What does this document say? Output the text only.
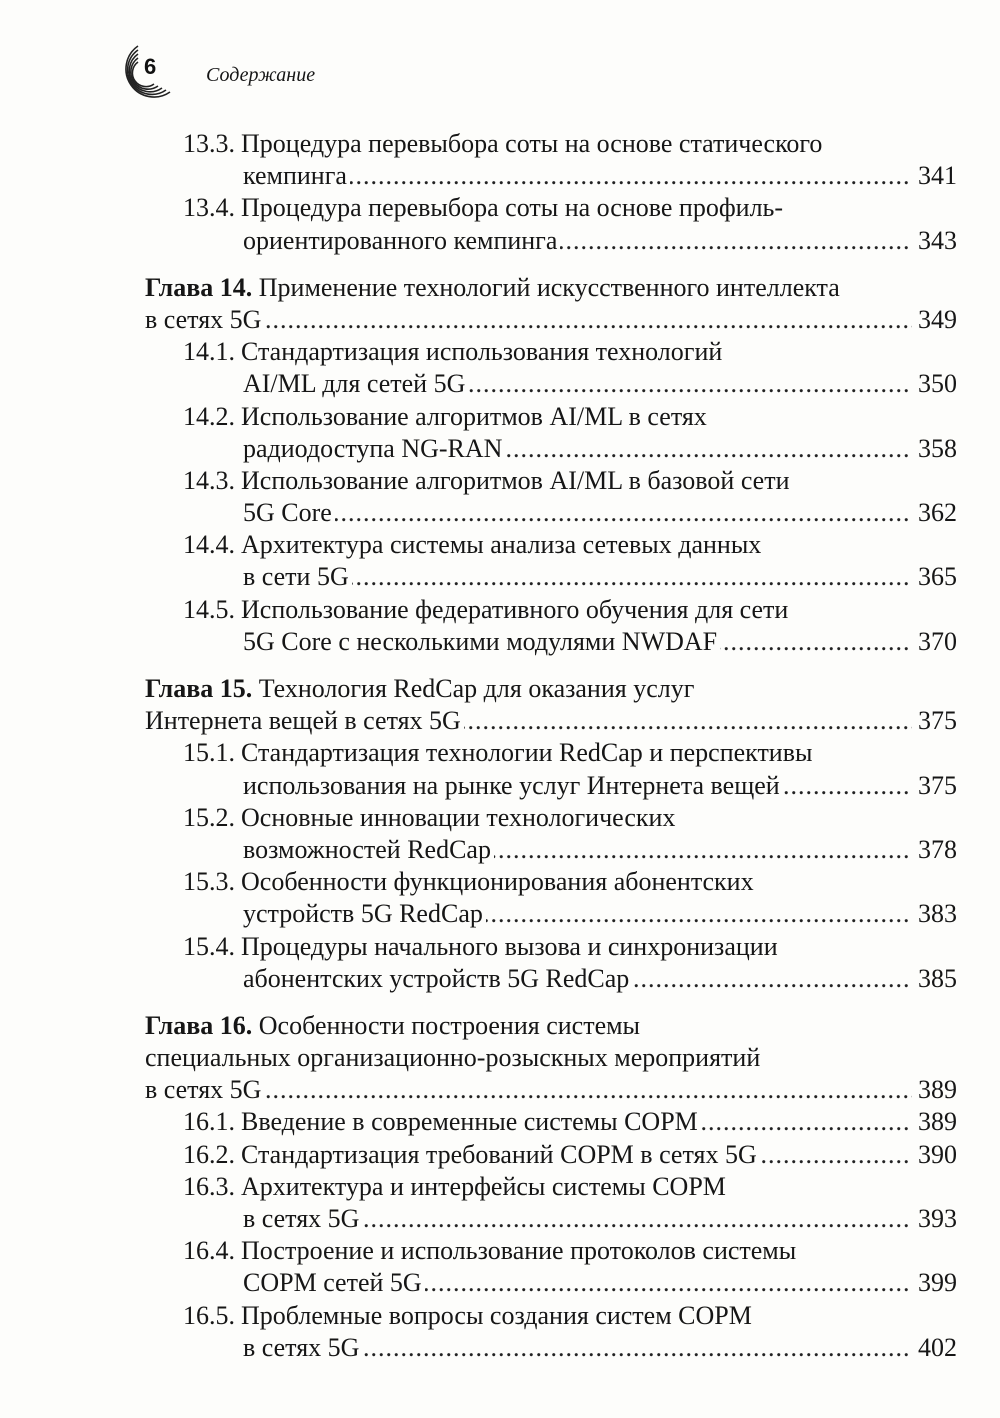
6 Содержание
13.3. Процедура перевыбора соты на основе статического
кемпинга	341
.....
13.4. Процедура перевыбора соты на основе профиль-
ориентированного кемпинга	343
.....
Глава 14. Применение технологий искусственного интеллекта
в сетях 5G	349
.....
14.1. Стандартизация использования технологий
AI/ML для сетей 5G	350
.....
14.2. Использование алгоритмов AI/ML в сетях
радиодоступа NG-RAN	358
.....
14.3. Использование алгоритмов AI/ML в базовой сети
5G Core	362
.....
14.4. Архитектура системы анализа сетевых данных
в сети 5G	365
.....
14.5. Использование федеративного обучения для сети
5G Core с несколькими модулями NWDAF	370
.....
Глава 15. Технология RedCap для оказания услуг
Интернета вещей в сетях 5G	375
.....
15.1. Стандартизация технологии RedCap и перспективы
использования на рынке услуг Интернета вещей	375
.....
15.2. Основные инновации технологических
возможностей RedCap	378
.....
15.3. Особенности функционирования абонентских
устройств 5G RedCap	383
.....
15.4. Процедуры начального вызова и синхронизации
абонентских устройств 5G RedCap	385
.....
Глава 16. Особенности построения системы
специальных организационно-розыскных мероприятий
в сетях 5G	389
.....
16.1. Введение в современные системы СОРМ	389
.....
16.2. Стандартизация требований СОРМ в сетях 5G	390
.....
16.3. Архитектура и интерфейсы системы СОРМ
в сетях 5G	393
.....
16.4. Построение и использование протоколов системы
СОРМ сетей 5G	399
.....
16.5. Проблемные вопросы создания систем СОРМ
в сетях 5G	402
.....
